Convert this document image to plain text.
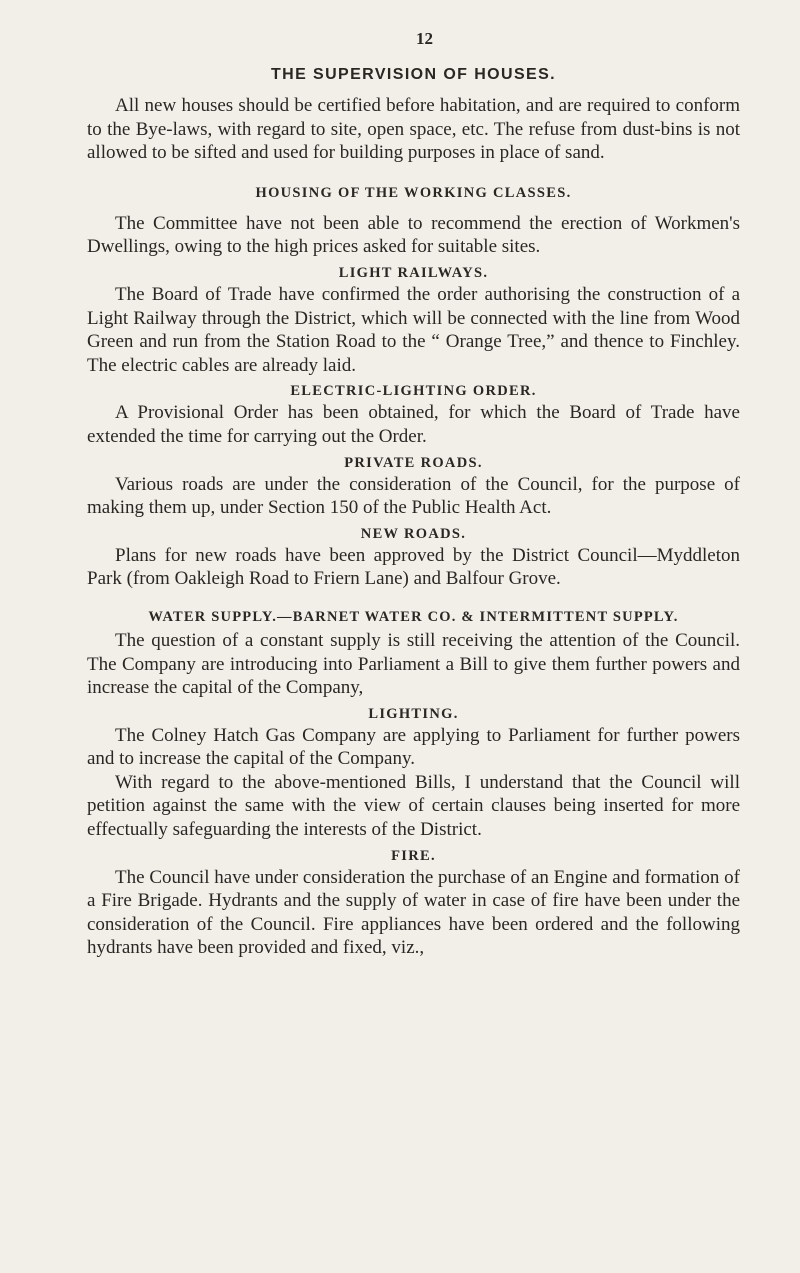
12
THE SUPERVISION OF HOUSES.

All new houses should be certified before habitation, and are required to conform to the Bye-laws, with regard to site, open space, etc. The refuse from dust-bins is not allowed to be sifted and used for building purposes in place of sand.

HOUSING OF THE WORKING CLASSES.

The Committee have not been able to recommend the erection of Workmen's Dwellings, owing to the high prices asked for suitable sites.

LIGHT RAILWAYS.

The Board of Trade have confirmed the order authorising the construction of a Light Railway through the District, which will be connected with the line from Wood Green and run from the Station Road to the “ Orange Tree,” and thence to Finchley. The electric cables are already laid.

ELECTRIC-LIGHTING ORDER.

A Provisional Order has been obtained, for which the Board of Trade have extended the time for carrying out the Order.

PRIVATE ROADS.

Various roads are under the consideration of the Council, for the purpose of making them up, under Section 150 of the Public Health Act.

NEW ROADS.

Plans for new roads have been approved by the District Council—Myddleton Park (from Oakleigh Road to Friern Lane) and Balfour Grove.

WATER SUPPLY.—BARNET WATER CO. & INTERMITTENT SUPPLY.

The question of a constant supply is still receiving the attention of the Council. The Company are introducing into Parliament a Bill to give them further powers and increase the capital of the Company,

LIGHTING.

The Colney Hatch Gas Company are applying to Parliament for further powers and to increase the capital of the Company.

With regard to the above-mentioned Bills, I understand that the Council will petition against the same with the view of certain clauses being inserted for more effectually safeguarding the interests of the District.

FIRE.

The Council have under consideration the purchase of an Engine and formation of a Fire Brigade. Hydrants and the supply of water in case of fire have been under the consideration of the Council. Fire appliances have been ordered and the following hydrants have been provided and fixed, viz.,
